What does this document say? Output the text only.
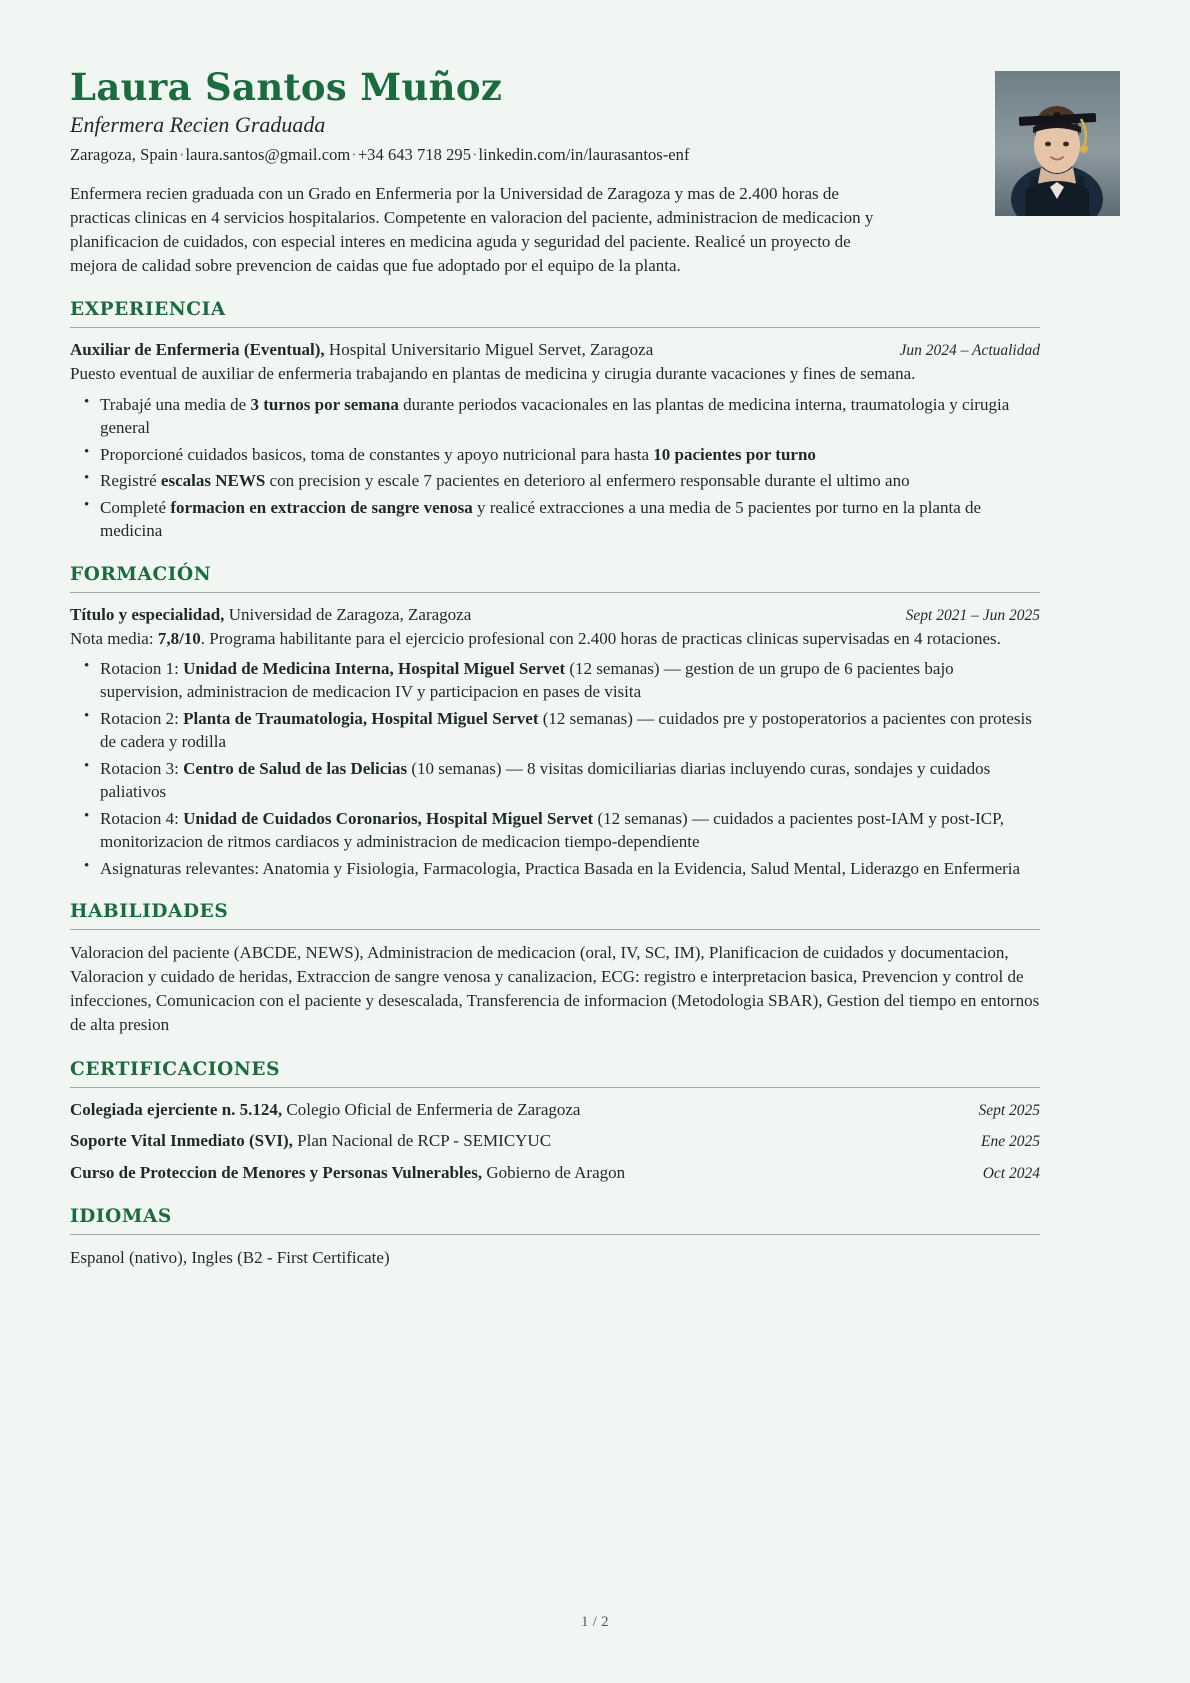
Laura Santos Muñoz
Enfermera Recien Graduada
Zaragoza, Spain·laura.santos@gmail.com·+34 643 718 295·linkedin.com/in/laurasantos-enf

Enfermera recien graduada con un Grado en Enfermeria por la Universidad de Zaragoza y mas de 2.400 horas de practicas clinicas en 4 servicios hospitalarios. Competente en valoracion del paciente, administracion de medicacion y planificacion de cuidados, con especial interes en medicina aguda y seguridad del paciente. Realicé un proyecto de mejora de calidad sobre prevencion de caidas que fue adoptado por el equipo de la planta.

EXPERIENCIA
Auxiliar de Enfermeria (Eventual), Hospital Universitario Miguel Servet, Zaragoza	Jun 2024 – Actualidad

Puesto eventual de auxiliar de enfermeria trabajando en plantas de medicina y cirugia durante vacaciones y fines de semana.

• Trabajé una media de 3 turnos por semana durante periodos vacacionales en las plantas de medicina interna, traumatologia y cirugia general
• Proporcioné cuidados basicos, toma de constantes y apoyo nutricional para hasta 10 pacientes por turno
• Registré escalas NEWS con precision y escale 7 pacientes en deterioro al enfermero responsable durante el ultimo ano
• Completé formacion en extraccion de sangre venosa y realicé extracciones a una media de 5 pacientes por turno en la planta de medicina
FORMACIÓN
Título y especialidad, Universidad de Zaragoza, Zaragoza	Sept 2021 – Jun 2025

Nota media: 7,8/10. Programa habilitante para el ejercicio profesional con 2.400 horas de practicas clinicas supervisadas en 4 rotaciones.

• Rotacion 1: Unidad de Medicina Interna, Hospital Miguel Servet (12 semanas) — gestion de un grupo de 6 pacientes bajo supervision, administracion de medicacion IV y participacion en pases de visita
• Rotacion 2: Planta de Traumatologia, Hospital Miguel Servet (12 semanas) — cuidados pre y postoperatorios a pacientes con protesis de cadera y rodilla
• Rotacion 3: Centro de Salud de las Delicias (10 semanas) — 8 visitas domiciliarias diarias incluyendo curas, sondajes y cuidados paliativos
• Rotacion 4: Unidad de Cuidados Coronarios, Hospital Miguel Servet (12 semanas) — cuidados a pacientes post-IAM y post-ICP, monitorizacion de ritmos cardiacos y administracion de medicacion tiempo-dependiente
• Asignaturas relevantes: Anatomia y Fisiologia, Farmacologia, Practica Basada en la Evidencia, Salud Mental, Liderazgo en Enfermeria
HABILIDADES

Valoracion del paciente (ABCDE, NEWS), Administracion de medicacion (oral, IV, SC, IM), Planificacion de cuidados y documentacion, Valoracion y cuidado de heridas, Extraccion de sangre venosa y canalizacion, ECG: registro e interpretacion basica, Prevencion y control de infecciones, Comunicacion con el paciente y desescalada, Transferencia de informacion (Metodologia SBAR), Gestion del tiempo en entornos de alta presion

CERTIFICACIONES
Colegiada ejerciente n. 5.124, Colegio Oficial de Enfermeria de Zaragoza	Sept 2025
Soporte Vital Inmediato (SVI), Plan Nacional de RCP - SEMICYUC	Ene 2025
Curso de Proteccion de Menores y Personas Vulnerables, Gobierno de Aragon	Oct 2024
IDIOMAS

Espanol (nativo), Ingles (B2 - First Certificate)

1 / 2
